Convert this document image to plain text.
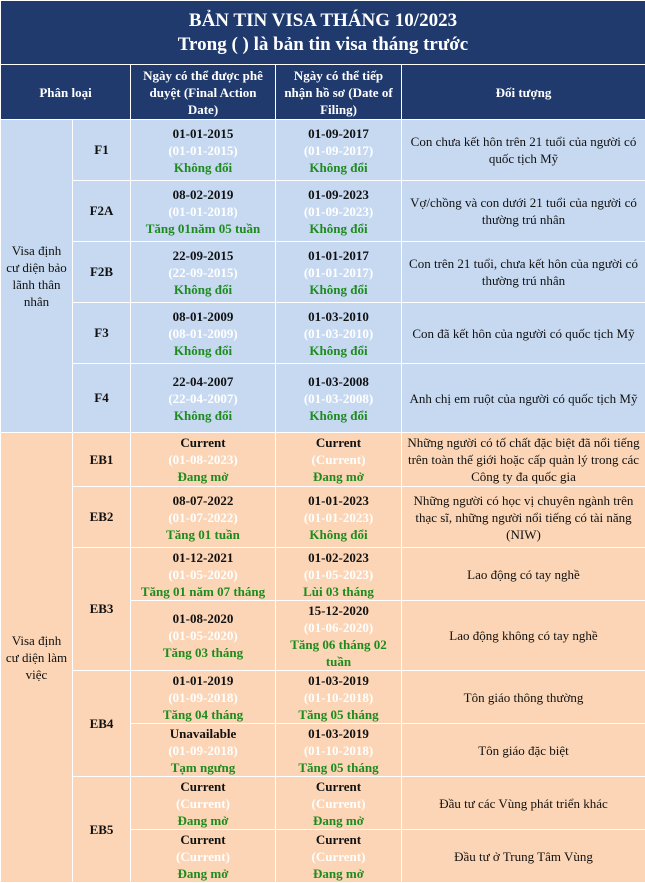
BẢN TIN VISA THÁNG 10/2023
Trong ( ) là bản tin visa tháng trước				

Phân loại		Ngày có thể được phê duyệt (Final Action Date)	Ngày có thể tiếp nhận hồ sơ (Date of Filing)	Đối tượng
Visa định cư diện bảo lãnh thân nhân	F1	01-01-2015
(01-01-2015)
Không đổi	01-09-2017
(01-09-2017)
Không đổi	Con chưa kết hôn trên 21 tuổi của người có quốc tịch Mỹ
	F2A	08-02-2019
(01-01-2018)
Tăng 01năm 05 tuần	01-09-2023
(01-09-2023)
Không đổi	Vợ/chồng và con dưới 21 tuổi của người có thường trú nhân
	F2B	22-09-2015
(22-09-2015)
Không đổi	01-01-2017
(01-01-2017)
Không đổi	Con trên 21 tuổi, chưa kết hôn của người có thường trú nhân
	F3	08-01-2009
(08-01-2009)
Không đổi	01-03-2010
(01-03-2010)
Không đổi	Con đã kết hôn của người có quốc tịch Mỹ
	F4	22-04-2007
(22-04-2007)
Không đổi	01-03-2008
(01-03-2008)
Không đổi	Anh chị em ruột của người có quốc tịch Mỹ
Visa định cư diện làm việc	EB1	Current
(01-08-2023)
Đang mở	Current
(Current)
Đang mở	Những người có tố chất đặc biệt đã nổi tiếng trên toàn thế giới hoặc cấp quản lý trong các Công ty đa quốc gia
	EB2	08-07-2022
(01-07-2022)
Tăng 01 tuần	01-01-2023
(01-01-2023)
Không đổi	Những người có học vị chuyên ngành trên thạc sĩ, những người nổi tiếng có tài năng (NIW)
	EB3	01-12-2021
(01-05-2020)
Tăng 01 năm 07 tháng	01-02-2023
(01-05-2023)
Lùi 03 tháng	Lao động có tay nghề

		01-08-2020
(01-05-2020)
Tăng 03 tháng	15-12-2020
(01-06-2020)
Tăng 06 tháng 02 tuần	Lao động không có tay nghề
	EB4	01-01-2019
(01-09-2018)
Tăng 04 tháng	01-03-2019
(01-10-2018)
Tăng 05 tháng	Tôn giáo thông thường

		Unavailable
(01-09-2018)
Tạm ngưng	01-03-2019
(01-10-2018)
Tăng 05 tháng	Tôn giáo đặc biệt
	EB5	Current
(Current)
Đang mở	Current
(Current)
Đang mở	Đầu tư các Vùng phát triển khác

		Current
(Current)
Đang mở	Current
(Current)
Đang mở	Đầu tư ở Trung Tâm Vùng
